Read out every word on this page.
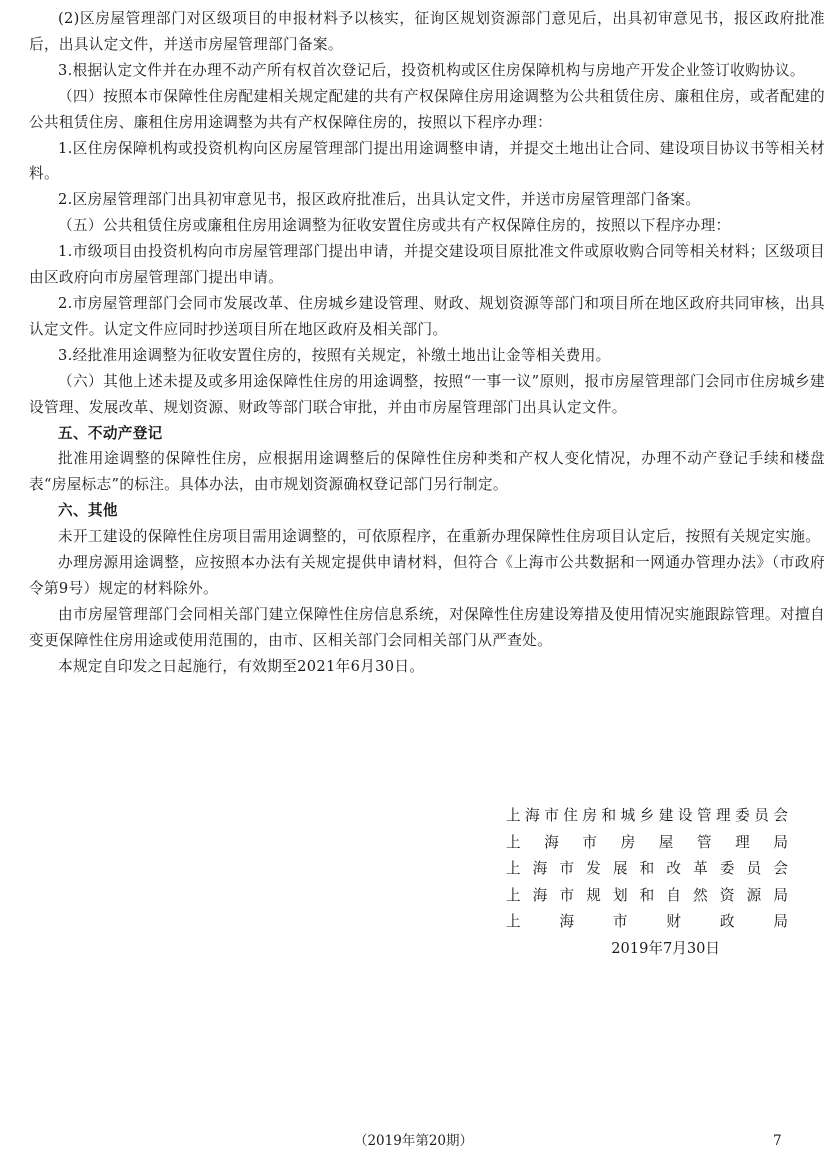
(2)区房屋管理部门对区级项目的申报材料予以核实，征询区规划资源部门意见后，出具初审意见书，报区政府批准后，出具认定文件，并送市房屋管理部门备案。

3.根据认定文件并在办理不动产所有权首次登记后，投资机构或区住房保障机构与房地产开发企业签订收购协议。

（四）按照本市保障性住房配建相关规定配建的共有产权保障住房用途调整为公共租赁住房、廉租住房，或者配建的公共租赁住房、廉租住房用途调整为共有产权保障住房的，按照以下程序办理：

1.区住房保障机构或投资机构向区房屋管理部门提出用途调整申请，并提交土地出让合同、建设项目协议书等相关材料。

2.区房屋管理部门出具初审意见书，报区政府批准后，出具认定文件，并送市房屋管理部门备案。

（五）公共租赁住房或廉租住房用途调整为征收安置住房或共有产权保障住房的，按照以下程序办理：

1.市级项目由投资机构向市房屋管理部门提出申请，并提交建设项目原批准文件或原收购合同等相关材料；区级项目由区政府向市房屋管理部门提出申请。

2.市房屋管理部门会同市发展改革、住房城乡建设管理、财政、规划资源等部门和项目所在地区政府共同审核，出具认定文件。认定文件应同时抄送项目所在地区政府及相关部门。

3.经批准用途调整为征收安置住房的，按照有关规定，补缴土地出让金等相关费用。

（六）其他上述未提及或多用途保障性住房的用途调整，按照“一事一议”原则，报市房屋管理部门会同市住房城乡建设管理、发展改革、规划资源、财政等部门联合审批，并由市房屋管理部门出具认定文件。

五、不动产登记

批准用途调整的保障性住房，应根据用途调整后的保障性住房种类和产权人变化情况，办理不动产登记手续和楼盘表“房屋标志”的标注。具体办法，由市规划资源确权登记部门另行制定。

六、其他

未开工建设的保障性住房项目需用途调整的，可依原程序，在重新办理保障性住房项目认定后，按照有关规定实施。

办理房源用途调整，应按照本办法有关规定提供申请材料，但符合《上海市公共数据和一网通办管理办法》（市政府令第9号）规定的材料除外。

由市房屋管理部门会同相关部门建立保障性住房信息系统，对保障性住房建设筹措及使用情况实施跟踪管理。对擅自变更保障性住房用途或使用范围的，由市、区相关部门会同相关部门从严查处。

本规定自印发之日起施行，有效期至2021年6月30日。

上 海 市 住 房 和 城 乡 建 设 管 理 委 员 会
上 海 市 房 屋 管 理 局
上 海 市 发 展 和 改 革 委 员 会
上 海 市 规 划 和 自 然 资 源 局
上	海	市	财	政	局
2019年7月30日
（2019年第20期）	7
